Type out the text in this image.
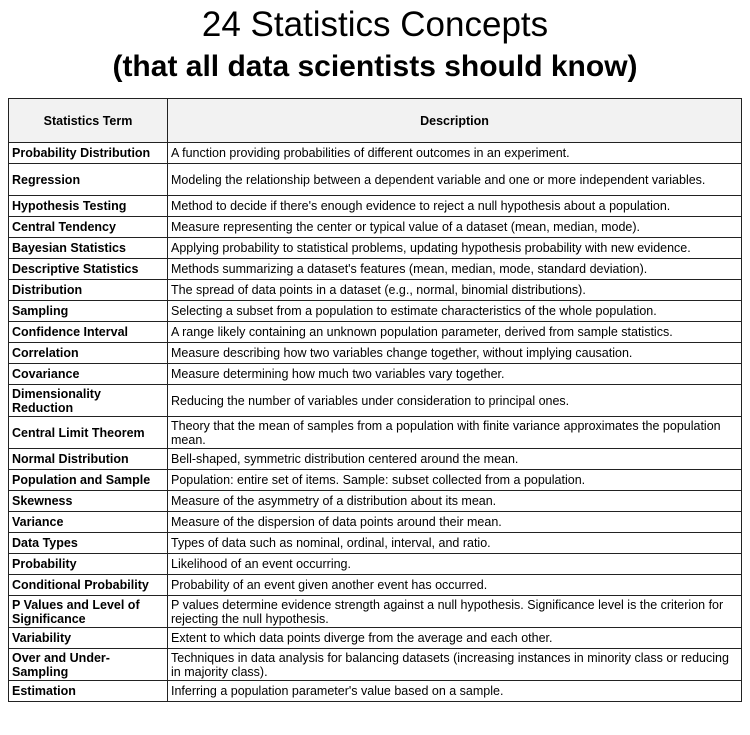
24 Statistics Concepts
(that all data scientists should know)
Statistics Term	Description
Probability Distribution	A function providing probabilities of different outcomes in an experiment.
Regression	Modeling the relationship between a dependent variable and one or more independent variables.
Hypothesis Testing	Method to decide if there's enough evidence to reject a null hypothesis about a population.
Central Tendency	Measure representing the center or typical value of a dataset (mean, median, mode).
Bayesian Statistics	Applying probability to statistical problems, updating hypothesis probability with new evidence.
Descriptive Statistics	Methods summarizing a dataset's features (mean, median, mode, standard deviation).
Distribution	The spread of data points in a dataset (e.g., normal, binomial distributions).
Sampling	Selecting a subset from a population to estimate characteristics of the whole population.
Confidence Interval	A range likely containing an unknown population parameter, derived from sample statistics.
Correlation	Measure describing how two variables change together, without implying causation.
Covariance	Measure determining how much two variables vary together.
Dimensionality Reduction	Reducing the number of variables under consideration to principal ones.
Central Limit Theorem	Theory that the mean of samples from a population with finite variance approximates the population mean.
Normal Distribution	Bell-shaped, symmetric distribution centered around the mean.
Population and Sample	Population: entire set of items. Sample: subset collected from a population.
Skewness	Measure of the asymmetry of a distribution about its mean.
Variance	Measure of the dispersion of data points around their mean.
Data Types	Types of data such as nominal, ordinal, interval, and ratio.
Probability	Likelihood of an event occurring.
Conditional Probability	Probability of an event given another event has occurred.
P Values and Level of Significance	P values determine evidence strength against a null hypothesis. Significance level is the criterion for rejecting the null hypothesis.
Variability	Extent to which data points diverge from the average and each other.
Over and Under-Sampling	Techniques in data analysis for balancing datasets (increasing instances in minority class or reducing in majority class).
Estimation	Inferring a population parameter's value based on a sample.
